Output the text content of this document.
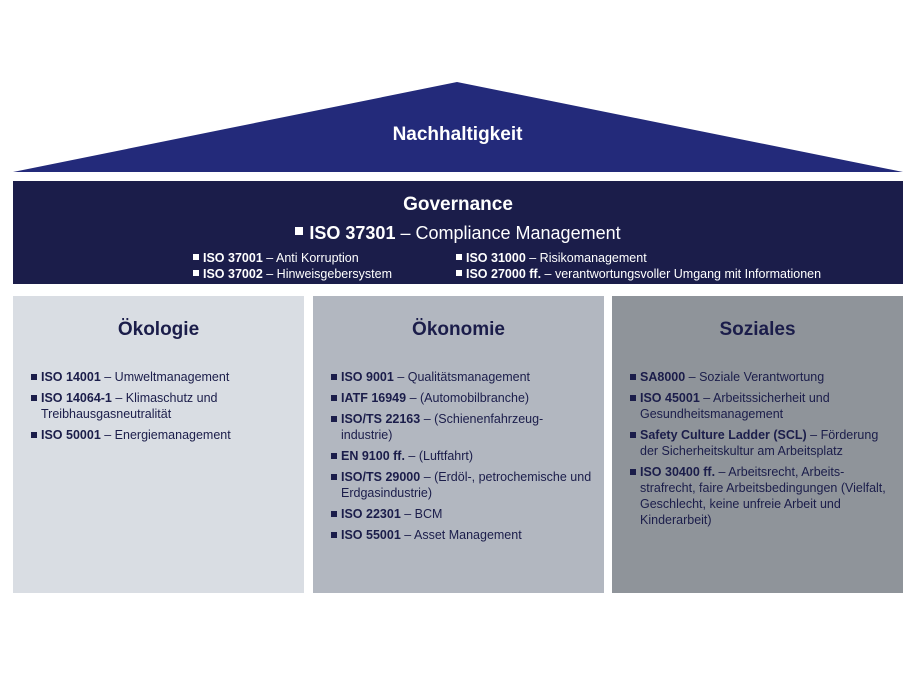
Nachhaltigkeit
Governance
ISO 37301 – Compliance Management
ISO 37001 – Anti Korruption
ISO 37002 – Hinweisgebersystem
ISO 31000 – Risikomanagement
ISO 27000 ff. – verantwortungsvoller Umgang mit Informationen
Ökologie
ISO 14001 – Umweltmanagement
ISO 14064-1 – Klimaschutz und Treibhausgasneutralität
ISO 50001 – Energiemanagement
Ökonomie
ISO 9001 – Qualitätsmanagement
IATF 16949 – (Automobilbranche)
ISO/TS 22163 – (Schienenfahrzeug-industrie)
EN 9100 ff. – (Luftfahrt)
ISO/TS 29000 – (Erdöl-, petrochemische und Erdgasindustrie)
ISO 22301 – BCM
ISO 55001 – Asset Management
Soziales
SA8000 – Soziale Verantwortung
ISO 45001 – Arbeitssicherheit und Gesundheitsmanagement
Safety Culture Ladder (SCL) – Förderung der Sicherheitskultur am Arbeitsplatz
ISO 30400 ff. – Arbeitsrecht, Arbeits-strafrecht, faire Arbeitsbedingungen (Vielfalt, Geschlecht, keine unfreie Arbeit und Kinderarbeit)
